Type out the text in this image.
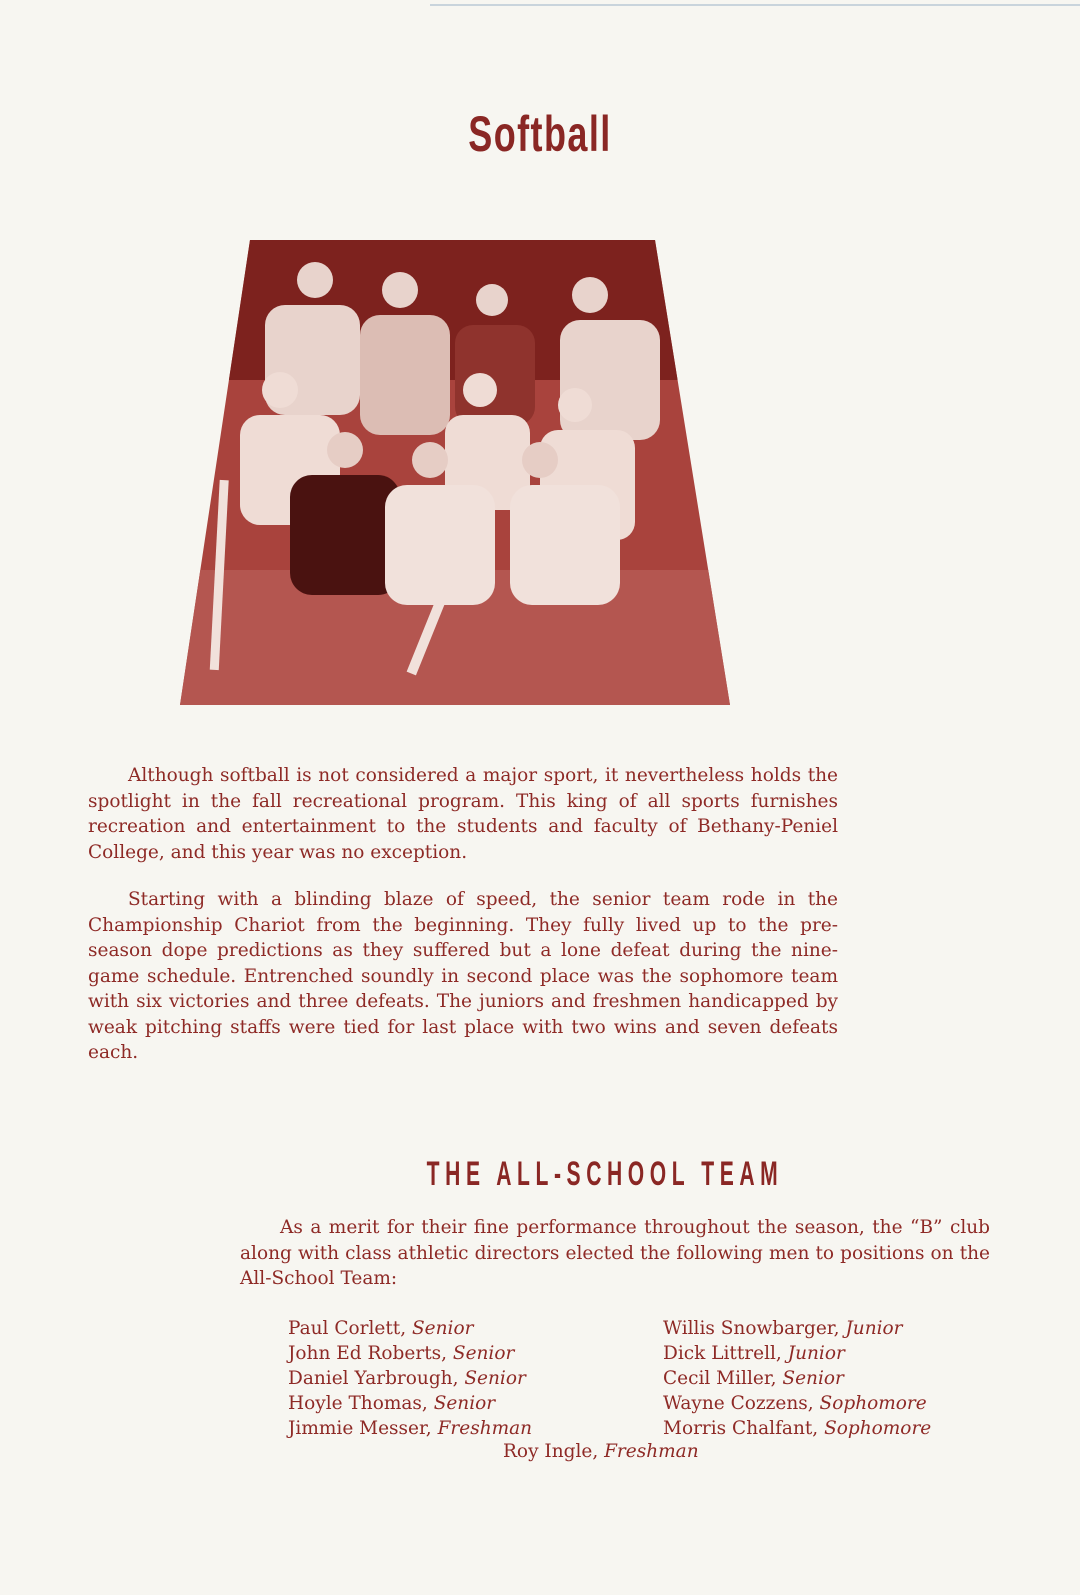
Softball

Although softball is not considered a major sport, it nevertheless holds the spotlight in the fall recreational program. This king of all sports furnishes recreation and entertainment to the students and faculty of Bethany-Peniel College, and this year was no exception.

Starting with a blinding blaze of speed, the senior team rode in the Championship Chariot from the beginning. They fully lived up to the pre-season dope predictions as they suffered but a lone defeat during the nine-game schedule. Entrenched soundly in second place was the sophomore team with six victories and three defeats. The juniors and freshmen handicapped by weak pitching staffs were tied for last place with two wins and seven defeats each.

THE ALL-SCHOOL TEAM

As a merit for their fine performance throughout the season, the “B” club along with class athletic directors elected the following men to positions on the All-School Team:

Paul Corlett, Senior
John Ed Roberts, Senior
Daniel Yarbrough, Senior
Hoyle Thomas, Senior
Jimmie Messer, Freshman
Willis Snowbarger, Junior
Dick Littrell, Junior
Cecil Miller, Senior
Wayne Cozzens, Sophomore
Morris Chalfant, Sophomore
Roy Ingle, Freshman
